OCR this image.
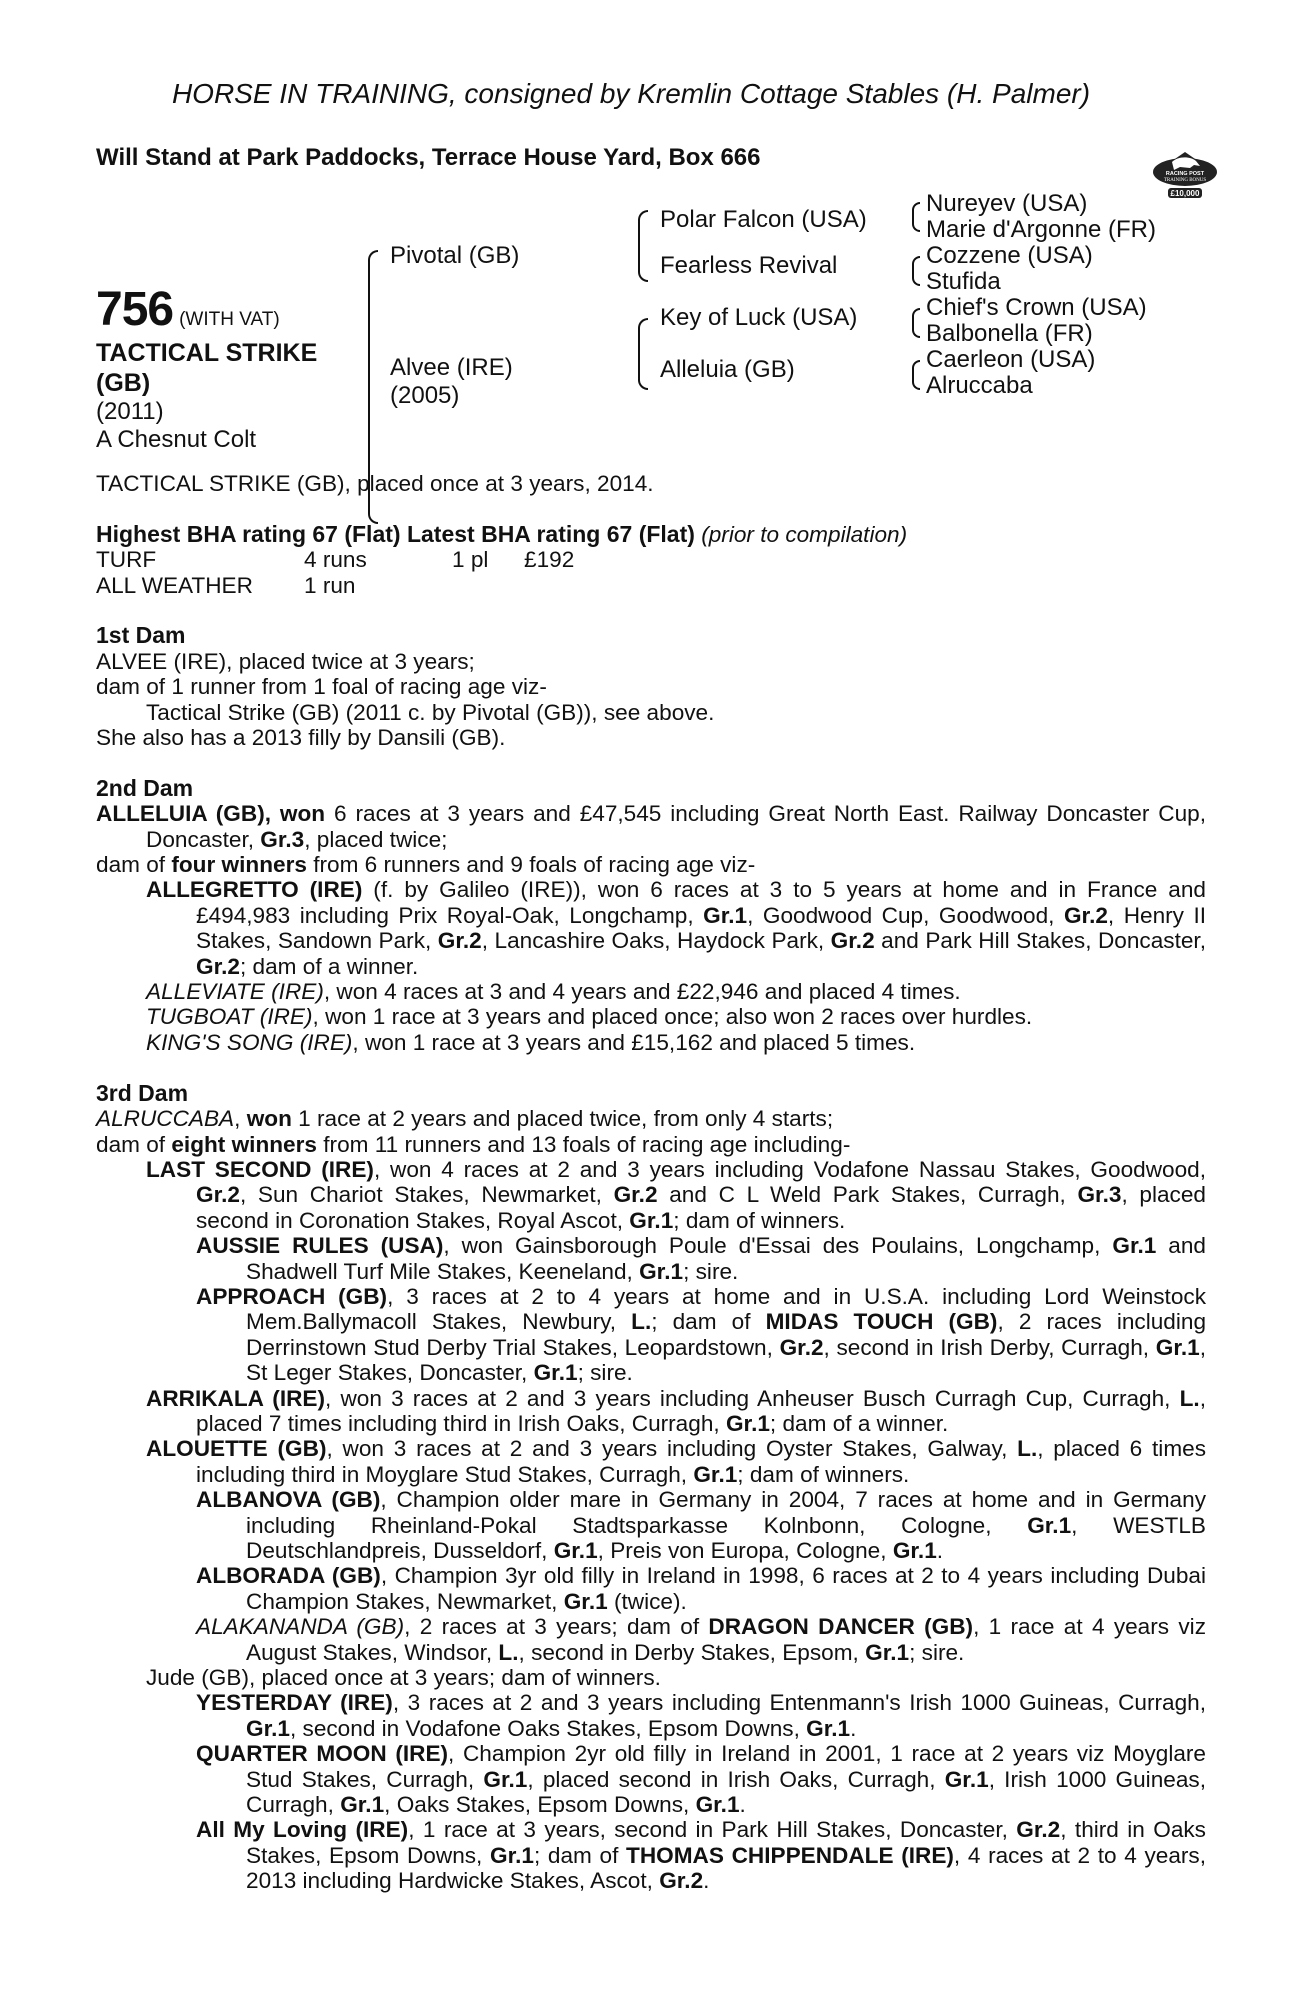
HORSE IN TRAINING, consigned by Kremlin Cottage Stables (H. Palmer)
Will Stand at Park Paddocks, Terrace House Yard, Box 666
RACING POST
TRAINING BONUS
£10,000
756 (WITH VAT)
TACTICAL STRIKE
(GB)
(2011)
A Chesnut Colt
Pivotal (GB)
Alvee (IRE)
(2005)
Polar Falcon (USA)
Fearless Revival
Key of Luck (USA)
Alleluia (GB)
Nureyev (USA)
Marie d'Argonne (FR)
Cozzene (USA)
Stufida
Chief's Crown (USA)
Balbonella (FR)
Caerleon (USA)
Alruccaba

TACTICAL STRIKE (GB), placed once at 3 years, 2014.

Highest BHA rating 67 (Flat) Latest BHA rating 67 (Flat) (prior to compilation)

TURF	4 runs	1 pl	£192
ALL WEATHER	1 run

1st Dam

ALVEE (IRE), placed twice at 3 years;

dam of 1 runner from 1 foal of racing age viz-

Tactical Strike (GB) (2011 c. by Pivotal (GB)), see above.

She also has a 2013 filly by Dansili (GB).

2nd Dam

ALLELUIA (GB), won 6 races at 3 years and £47,545 including Great North East. Railway Doncaster Cup, Doncaster, Gr.3, placed twice;

dam of four winners from 6 runners and 9 foals of racing age viz-

ALLEGRETTO (IRE) (f. by Galileo (IRE)), won 6 races at 3 to 5 years at home and in France and £494,983 including Prix Royal-Oak, Longchamp, Gr.1, Goodwood Cup, Goodwood, Gr.2, Henry II Stakes, Sandown Park, Gr.2, Lancashire Oaks, Haydock Park, Gr.2 and Park Hill Stakes, Doncaster, Gr.2; dam of a winner.

ALLEVIATE (IRE), won 4 races at 3 and 4 years and £22,946 and placed 4 times.

TUGBOAT (IRE), won 1 race at 3 years and placed once; also won 2 races over hurdles.

KING'S SONG (IRE), won 1 race at 3 years and £15,162 and placed 5 times.

3rd Dam

ALRUCCABA, won 1 race at 2 years and placed twice, from only 4 starts;

dam of eight winners from 11 runners and 13 foals of racing age including-

LAST SECOND (IRE), won 4 races at 2 and 3 years including Vodafone Nassau Stakes, Goodwood, Gr.2, Sun Chariot Stakes, Newmarket, Gr.2 and C L Weld Park Stakes, Curragh, Gr.3, placed second in Coronation Stakes, Royal Ascot, Gr.1; dam of winners.

AUSSIE RULES (USA), won Gainsborough Poule d'Essai des Poulains, Longchamp, Gr.1 and Shadwell Turf Mile Stakes, Keeneland, Gr.1; sire.

APPROACH (GB), 3 races at 2 to 4 years at home and in U.S.A. including Lord Weinstock Mem.Ballymacoll Stakes, Newbury, L.; dam of MIDAS TOUCH (GB), 2 races including Derrinstown Stud Derby Trial Stakes, Leopardstown, Gr.2, second in Irish Derby, Curragh, Gr.1, St Leger Stakes, Doncaster, Gr.1; sire.

ARRIKALA (IRE), won 3 races at 2 and 3 years including Anheuser Busch Curragh Cup, Curragh, L., placed 7 times including third in Irish Oaks, Curragh, Gr.1; dam of a winner.

ALOUETTE (GB), won 3 races at 2 and 3 years including Oyster Stakes, Galway, L., placed 6 times including third in Moyglare Stud Stakes, Curragh, Gr.1; dam of winners.

ALBANOVA (GB), Champion older mare in Germany in 2004, 7 races at home and in Germany including Rheinland-Pokal Stadtsparkasse Kolnbonn, Cologne, Gr.1, WESTLB Deutschlandpreis, Dusseldorf, Gr.1, Preis von Europa, Cologne, Gr.1.

ALBORADA (GB), Champion 3yr old filly in Ireland in 1998, 6 races at 2 to 4 years including Dubai Champion Stakes, Newmarket, Gr.1 (twice).

ALAKANANDA (GB), 2 races at 3 years; dam of DRAGON DANCER (GB), 1 race at 4 years viz August Stakes, Windsor, L., second in Derby Stakes, Epsom, Gr.1; sire.

Jude (GB), placed once at 3 years; dam of winners.

YESTERDAY (IRE), 3 races at 2 and 3 years including Entenmann's Irish 1000 Guineas, Curragh, Gr.1, second in Vodafone Oaks Stakes, Epsom Downs, Gr.1.

QUARTER MOON (IRE), Champion 2yr old filly in Ireland in 2001, 1 race at 2 years viz Moyglare Stud Stakes, Curragh, Gr.1, placed second in Irish Oaks, Curragh, Gr.1, Irish 1000 Guineas, Curragh, Gr.1, Oaks Stakes, Epsom Downs, Gr.1.

All My Loving (IRE), 1 race at 3 years, second in Park Hill Stakes, Doncaster, Gr.2, third in Oaks Stakes, Epsom Downs, Gr.1; dam of THOMAS CHIPPENDALE (IRE), 4 races at 2 to 4 years, 2013 including Hardwicke Stakes, Ascot, Gr.2.
